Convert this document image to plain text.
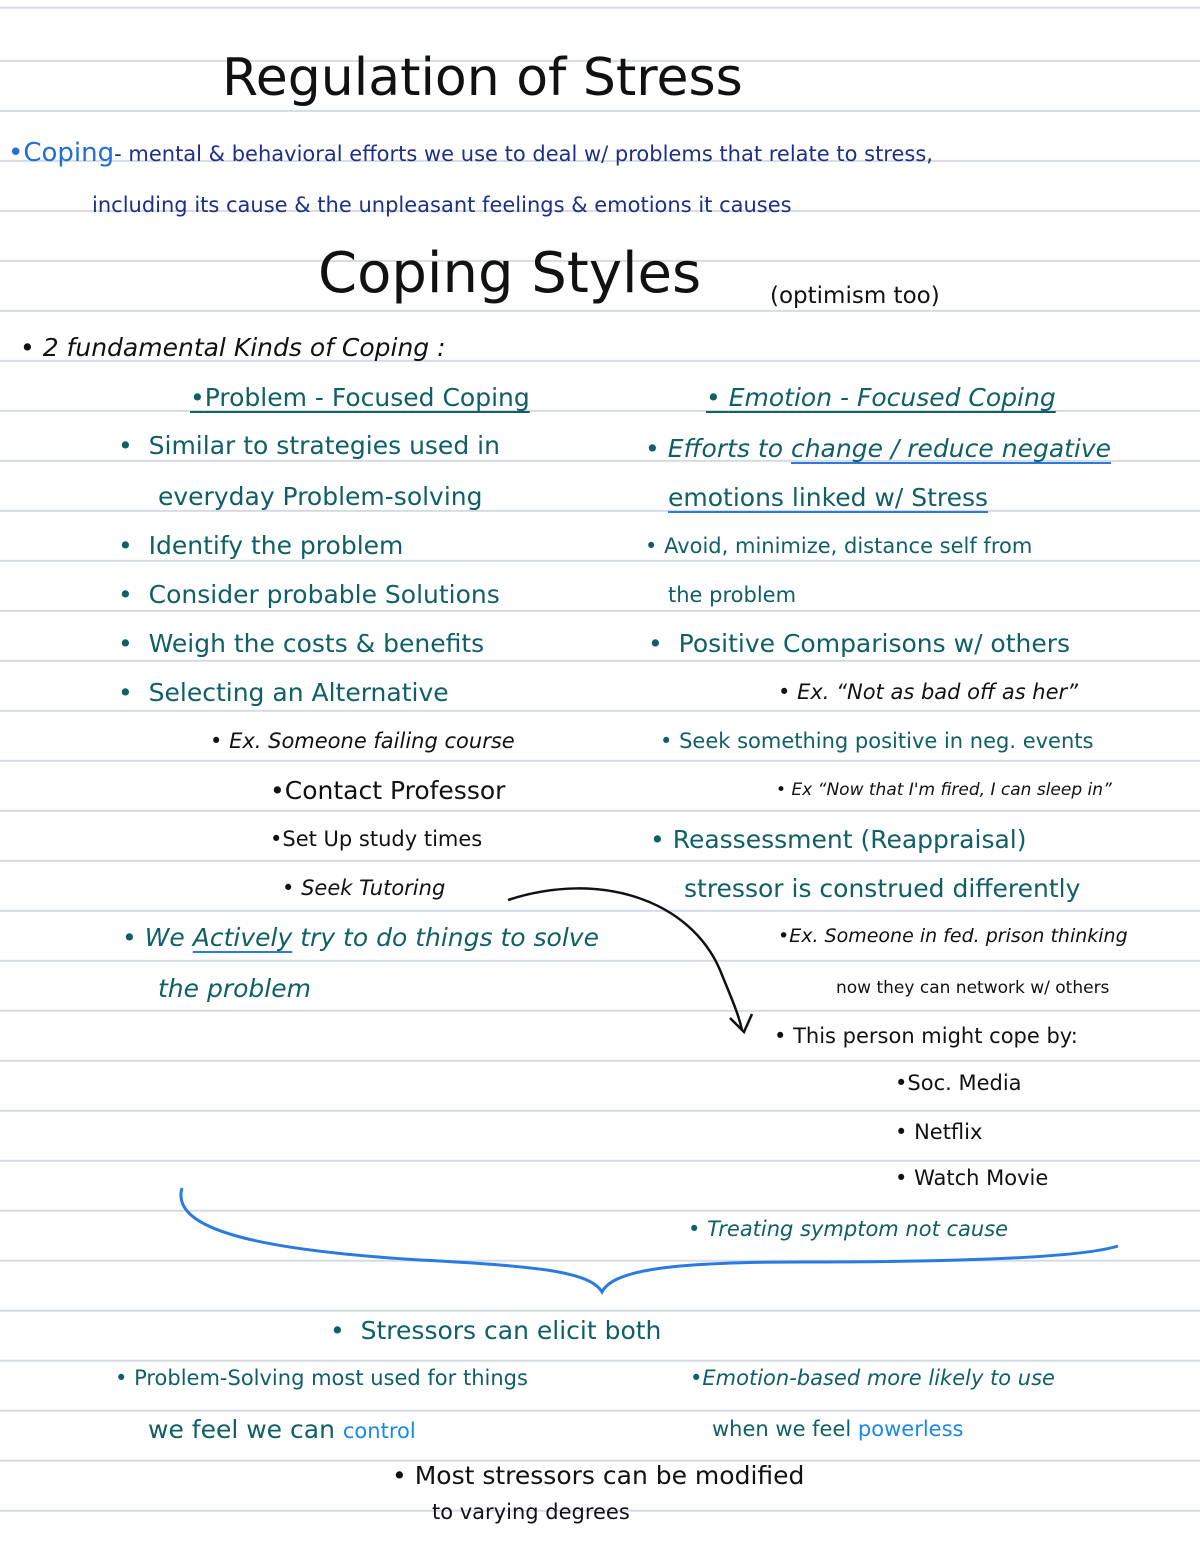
Regulation of Stress
•Coping- mental & behavioral efforts we use to deal w/ problems that relate to stress,
including its cause & the unpleasant feelings & emotions it causes
Coping Styles	(optimism too)
• 2 fundamental Kinds of Coping :
•Problem - Focused Coping	• Emotion - Focused Coping
•  Similar to strategies used in
everyday Problem-solving
•  Identify the problem
•  Consider probable Solutions
•  Weigh the costs & benefits
•  Selecting an Alternative
• Ex. Someone failing course
•Contact Professor
•Set Up study times
• Seek Tutoring
• We Actively try to do things to solve
the problem
• Efforts to change / reduce negative
emotions linked w/ Stress
• Avoid, minimize, distance self from
the problem
•  Positive Comparisons w/ others
• Ex. “Not as bad off as her”
• Seek something positive in neg. events
• Ex “Now that I'm fired, I can sleep in”
• Reassessment (Reappraisal)
stressor is construed differently
•Ex. Someone in fed. prison thinking
now they can network w/ others
• This person might cope by:
•Soc. Media
• Netflix
• Watch Movie
• Treating symptom not cause
•  Stressors can elicit both
• Problem-Solving most used for things
we feel we can control
•Emotion-based more likely to use
when we feel powerless
• Most stressors can be modified
to varying degrees
